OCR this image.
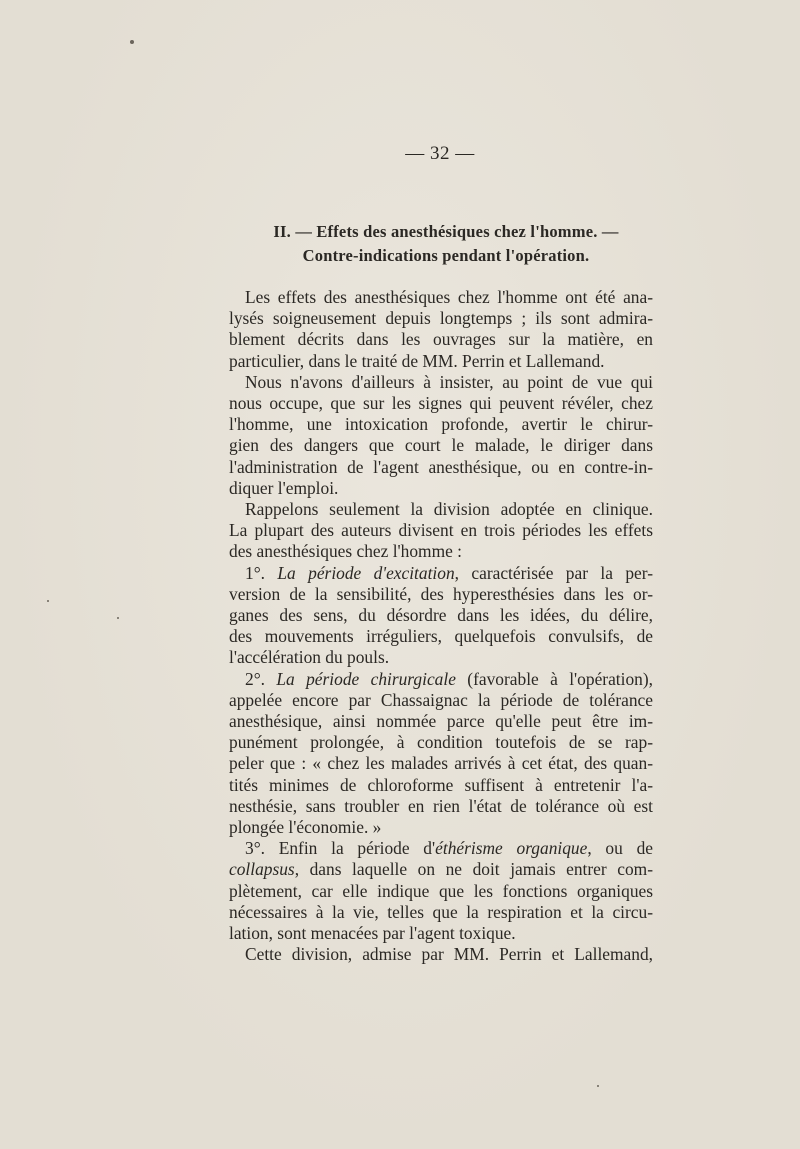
— 32 —
II. — Effets des anesthésiques chez l'homme. —
Contre-indications pendant l'opération.
Les effets des anesthésiques chez l'homme ont été ana-
lysés soigneusement depuis longtemps ; ils sont admira-
blement décrits dans les ouvrages sur la matière, en
particulier, dans le traité de MM. Perrin et Lallemand.
Nous n'avons d'ailleurs à insister, au point de vue qui
nous occupe, que sur les signes qui peuvent révéler, chez
l'homme, une intoxication profonde, avertir le chirur-
gien des dangers que court le malade, le diriger dans
l'administration de l'agent anesthésique, ou en contre-in-
diquer l'emploi.
Rappelons seulement la division adoptée en clinique.
La plupart des auteurs divisent en trois périodes les effets
des anesthésiques chez l'homme :
1°. La période d'excitation, caractérisée par la per-
version de la sensibilité, des hyperesthésies dans les or-
ganes des sens, du désordre dans les idées, du délire,
des mouvements irréguliers, quelquefois convulsifs, de
l'accélération du pouls.
2°. La période chirurgicale (favorable à l'opération),
appelée encore par Chassaignac la période de tolérance
anesthésique, ainsi nommée parce qu'elle peut être im-
punément prolongée, à condition toutefois de se rap-
peler que : « chez les malades arrivés à cet état, des quan-
tités minimes de chloroforme suffisent à entretenir l'a-
nesthésie, sans troubler en rien l'état de tolérance où est
plongée l'économie. »
3°. Enfin la période d'éthérisme organique, ou de
collapsus, dans laquelle on ne doit jamais entrer com-
plètement, car elle indique que les fonctions organiques
nécessaires à la vie, telles que la respiration et la circu-
lation, sont menacées par l'agent toxique.
Cette division, admise par MM. Perrin et Lallemand,
